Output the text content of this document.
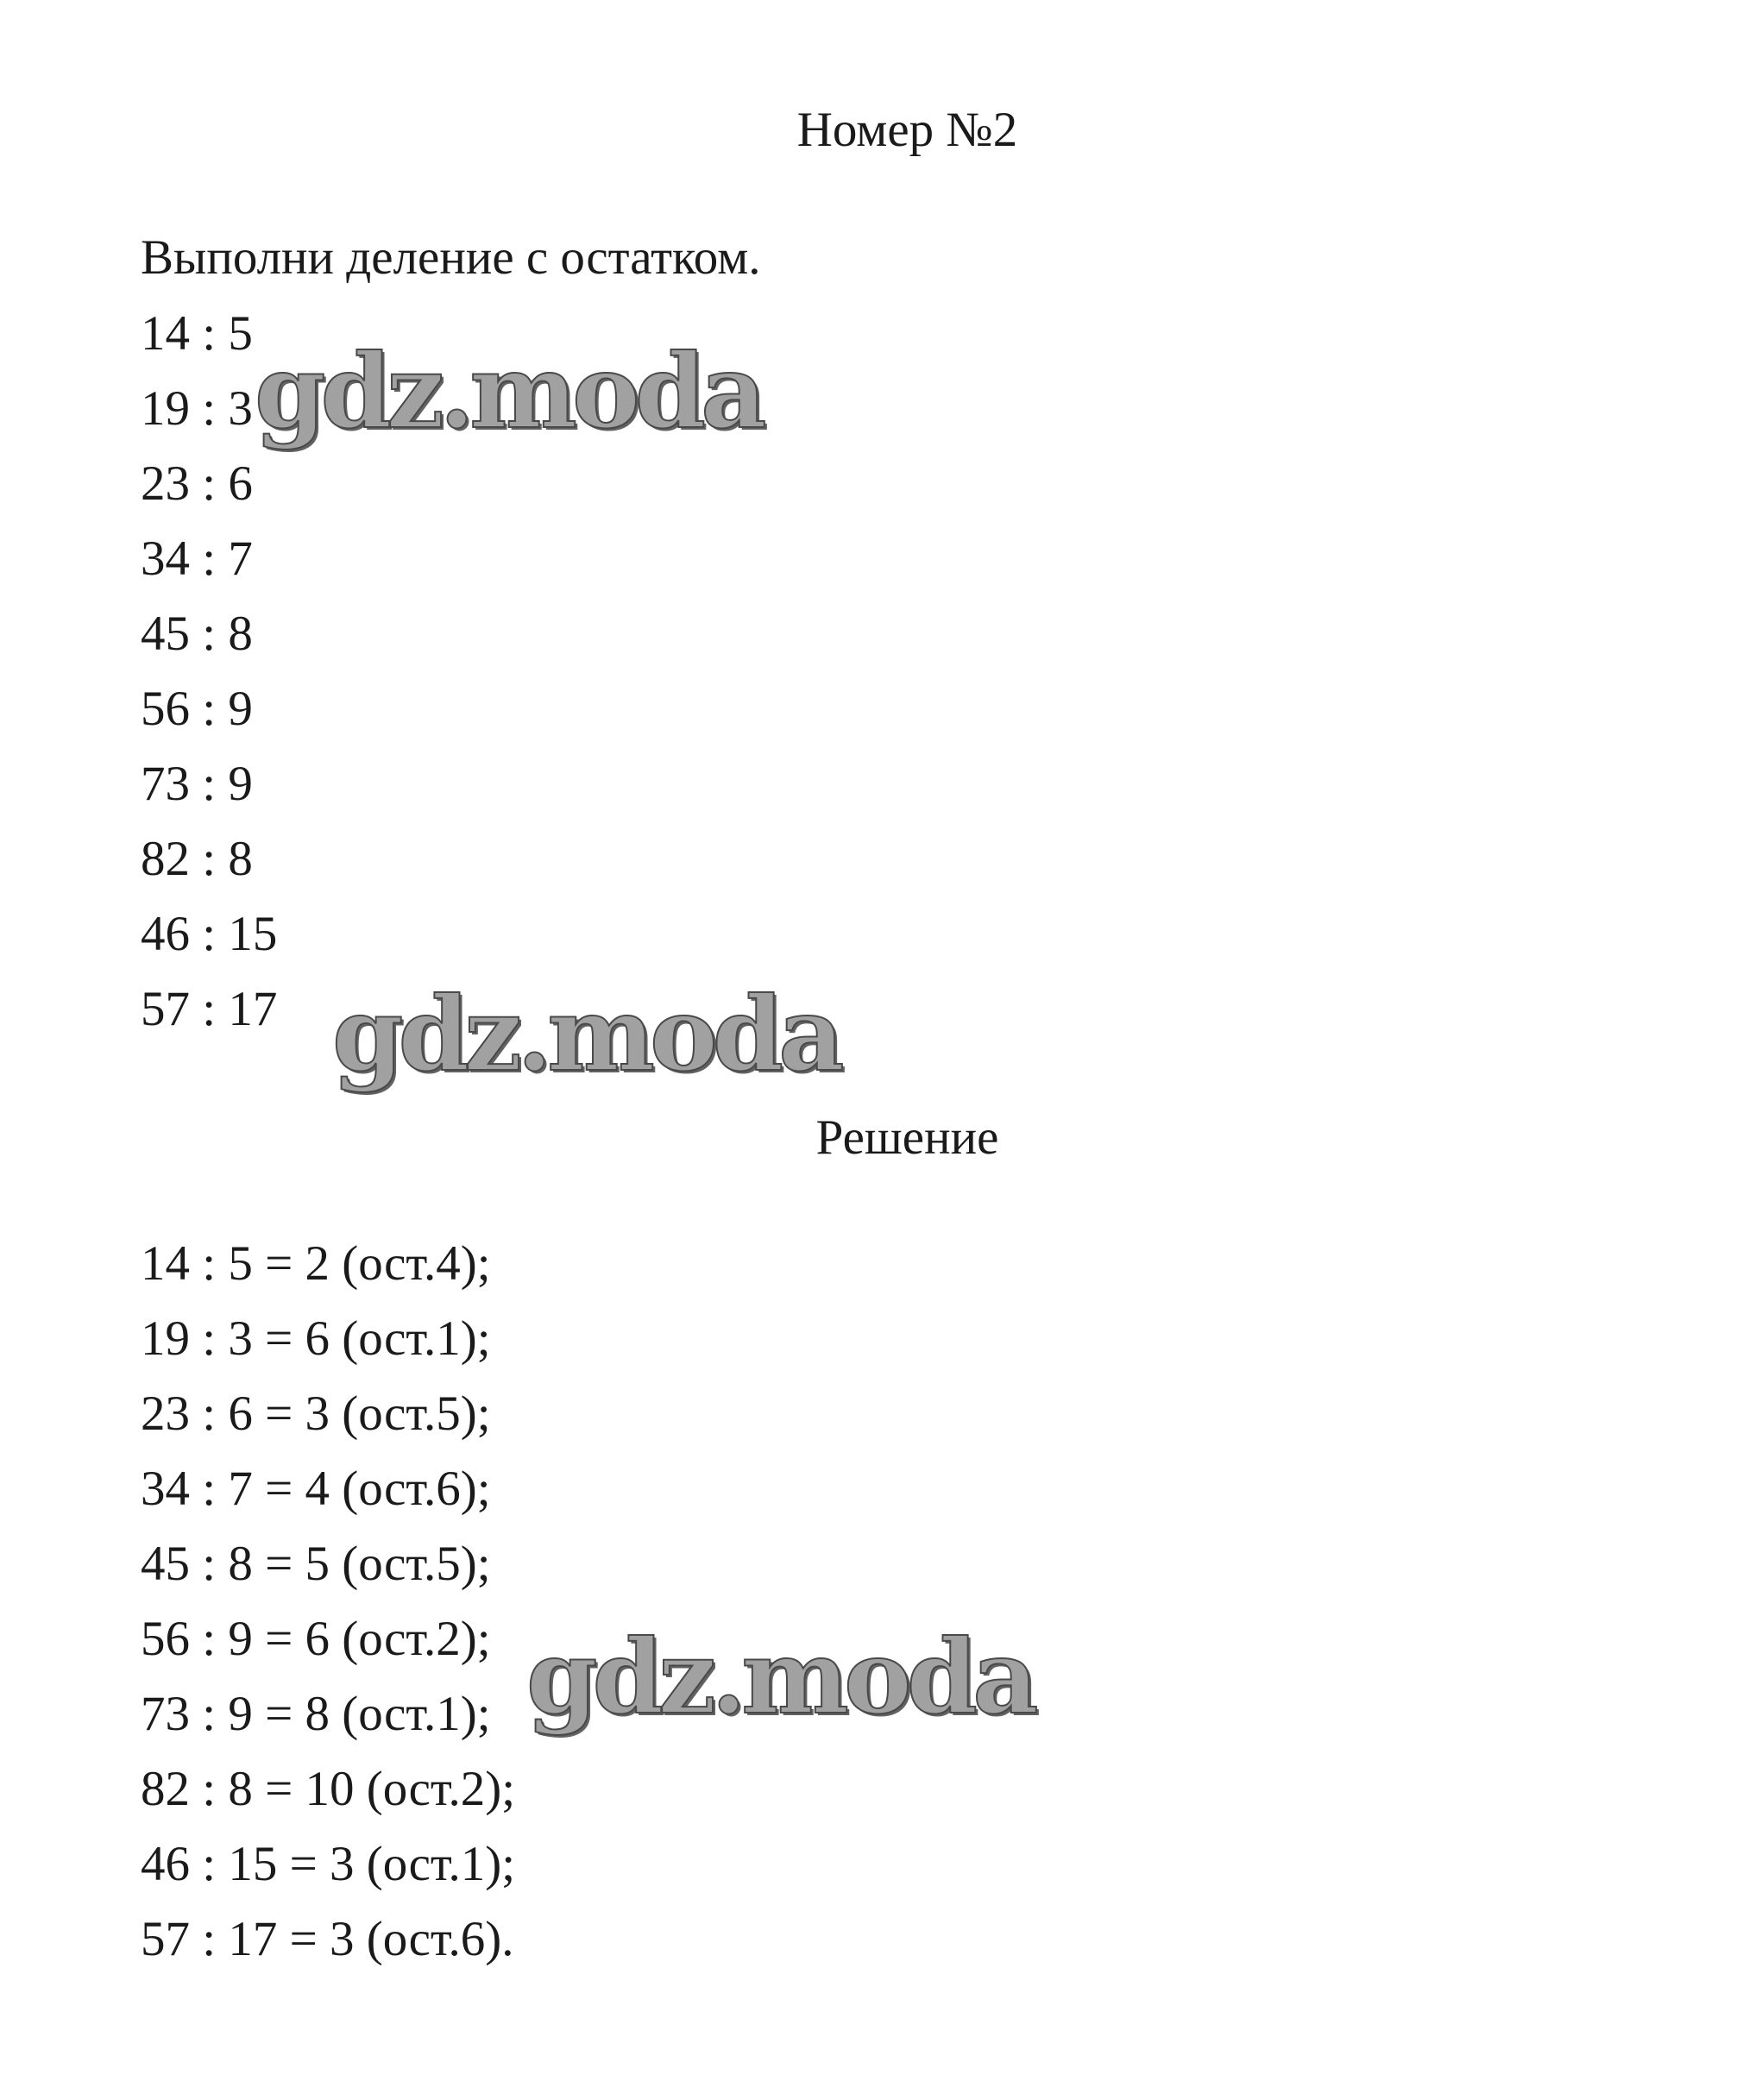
Номер №2

Выполни деление с остатком.

14 : 5
19 : 3
23 : 6
34 : 7
45 : 8
56 : 9
73 : 9
82 : 8
46 : 15
57 : 17
Решение
14 : 5 = 2 (ост.4);
19 : 3 = 6 (ост.1);
23 : 6 = 3 (ост.5);
34 : 7 = 4 (ост.6);
45 : 8 = 5 (ост.5);
56 : 9 = 6 (ост.2);
73 : 9 = 8 (ост.1);
82 : 8 = 10 (ост.2);
46 : 15 = 3 (ост.1);
57 : 17 = 3 (ост.6).
gdz.moda
gdz.moda
gdz.moda
